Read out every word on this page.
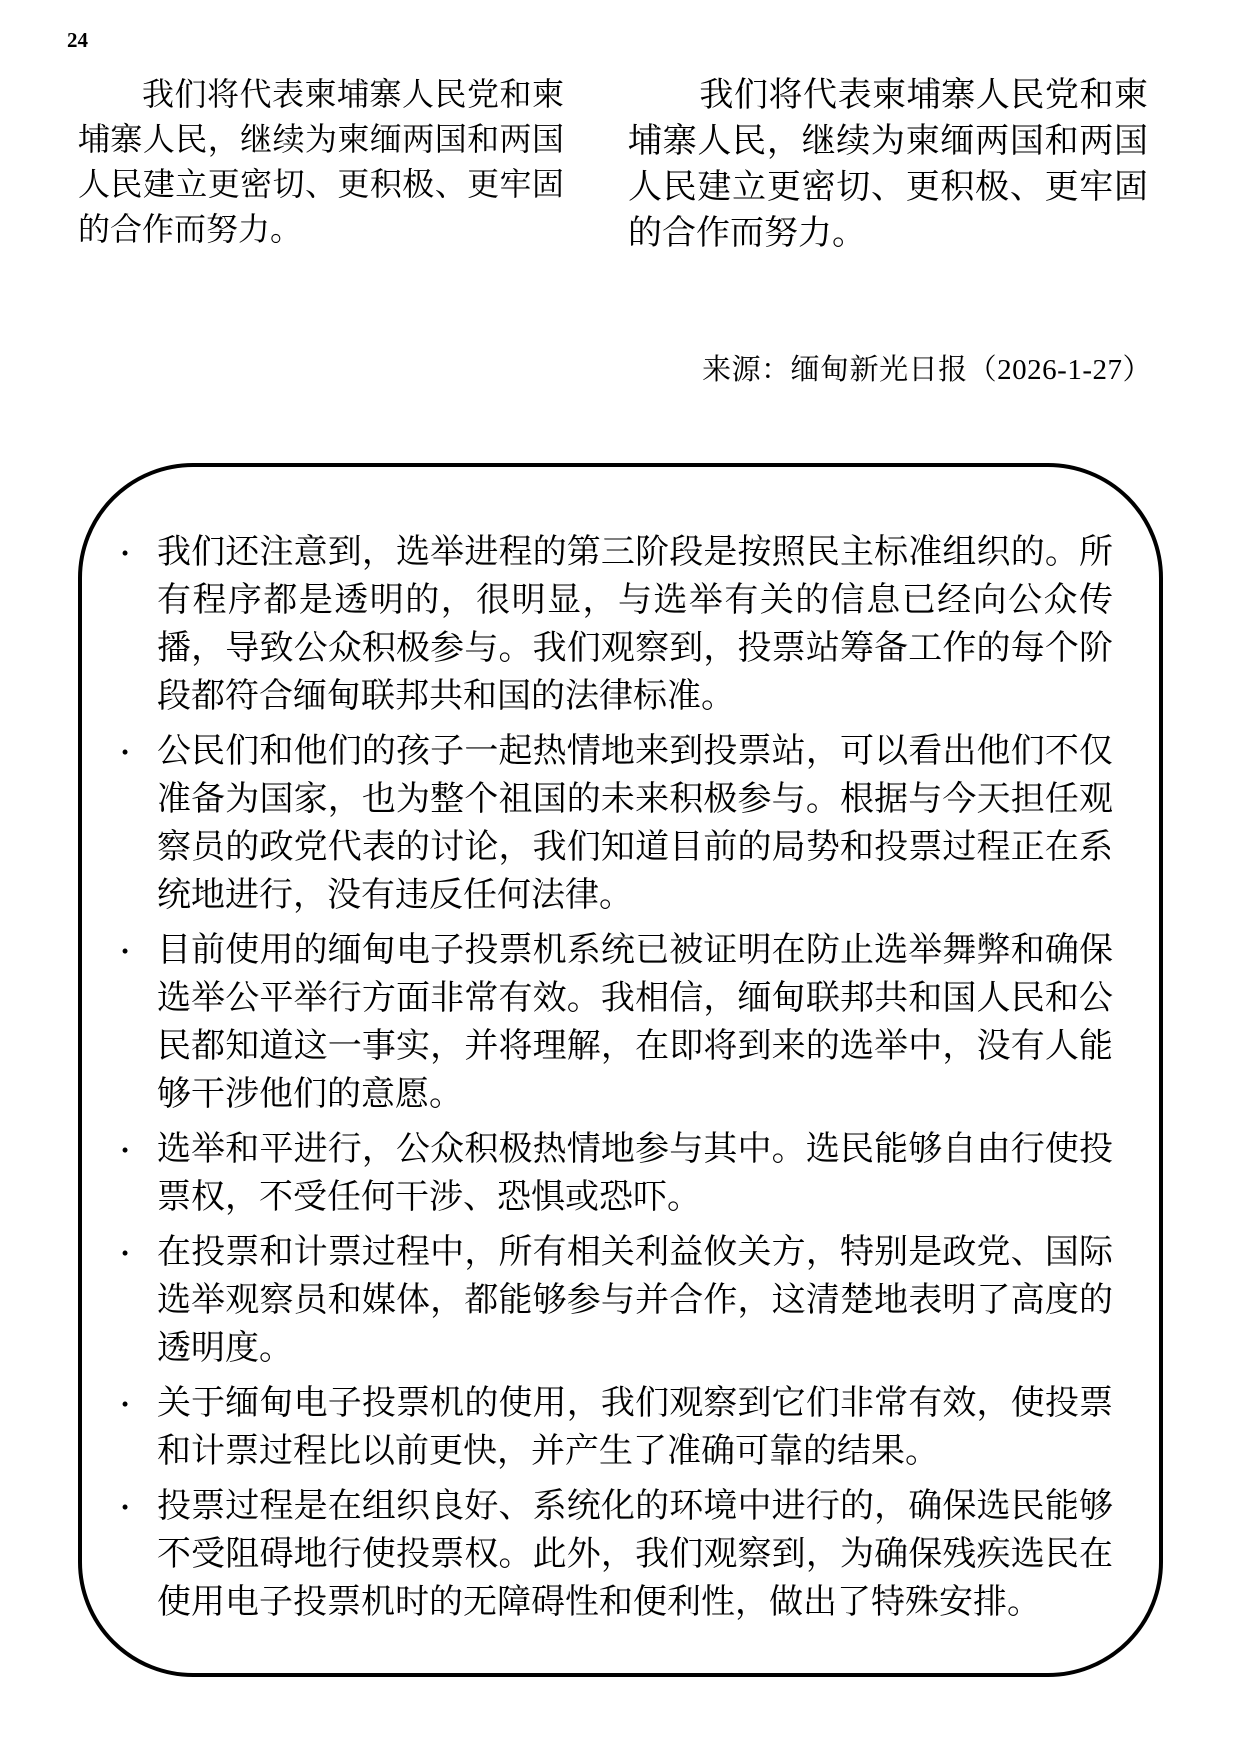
24
我们将代表柬埔寨人民党和柬埔寨人民，继续为柬缅两国和两国人民建立更密切、更积极、更牢固的合作而努力。
我们将代表柬埔寨人民党和柬埔寨人民，继续为柬缅两国和两国人民建立更密切、更积极、更牢固的合作而努力。
来源：缅甸新光日报（2026-1-27）
• 我们还注意到，选举进程的第三阶段是按照民主标准组织的。所有程序都是透明的，很明显，与选举有关的信息已经向公众传播，导致公众积极参与。我们观察到，投票站筹备工作的每个阶段都符合缅甸联邦共和国的法律标准。
• 公民们和他们的孩子一起热情地来到投票站，可以看出他们不仅准备为国家，也为整个祖国的未来积极参与。根据与今天担任观察员的政党代表的讨论，我们知道目前的局势和投票过程正在系统地进行，没有违反任何法律。
• 目前使用的缅甸电子投票机系统已被证明在防止选举舞弊和确保选举公平举行方面非常有效。我相信，缅甸联邦共和国人民和公民都知道这一事实，并将理解，在即将到来的选举中，没有人能够干涉他们的意愿。
• 选举和平进行，公众积极热情地参与其中。选民能够自由行使投票权，不受任何干涉、恐惧或恐吓。
• 在投票和计票过程中，所有相关利益攸关方，特别是政党、国际选举观察员和媒体，都能够参与并合作，这清楚地表明了高度的透明度。
• 关于缅甸电子投票机的使用，我们观察到它们非常有效，使投票和计票过程比以前更快，并产生了准确可靠的结果。
• 投票过程是在组织良好、系统化的环境中进行的，确保选民能够不受阻碍地行使投票权。此外，我们观察到，为确保残疾选民在使用电子投票机时的无障碍性和便利性，做出了特殊安排。
